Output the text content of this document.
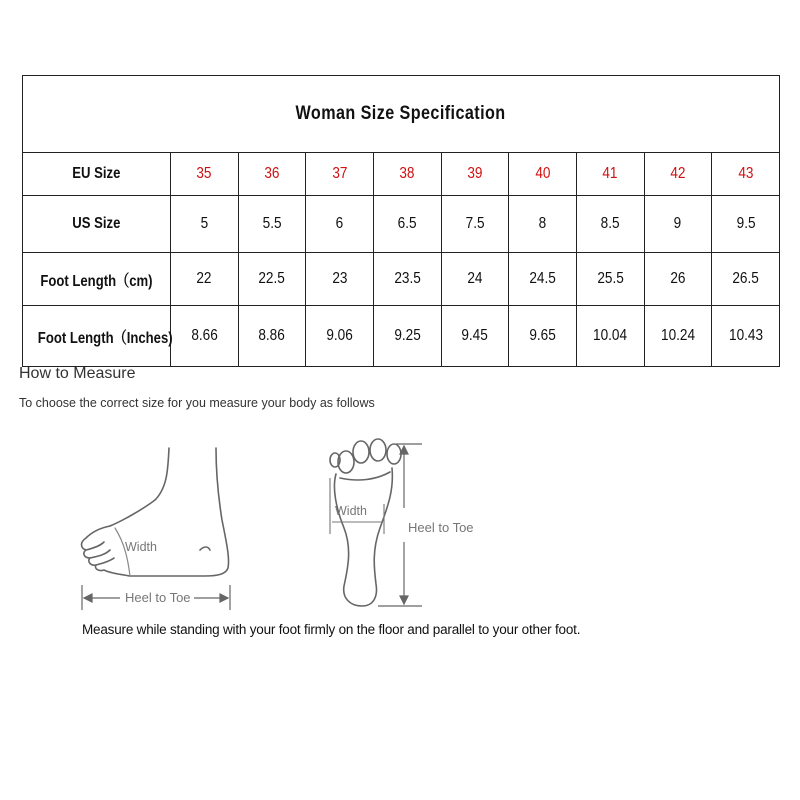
Woman Size Specification									
EU Size	35	36	37	38	39	40	41	42	43
US Size	5	5.5	6	6.5	7.5	8	8.5	9	9.5
Foot Length（cm)	22	22.5	23	23.5	24	24.5	25.5	26	26.5
Foot Length（Inches)	8.66	8.86	9.06	9.25	9.45	9.65	10.04	10.24	10.43
How to Measure
To choose the correct size for you measure your body as follows
Width
Heel to Toe
Width
Heel to Toe
Measure while standing with your foot firmly on the floor and parallel to your other foot.
